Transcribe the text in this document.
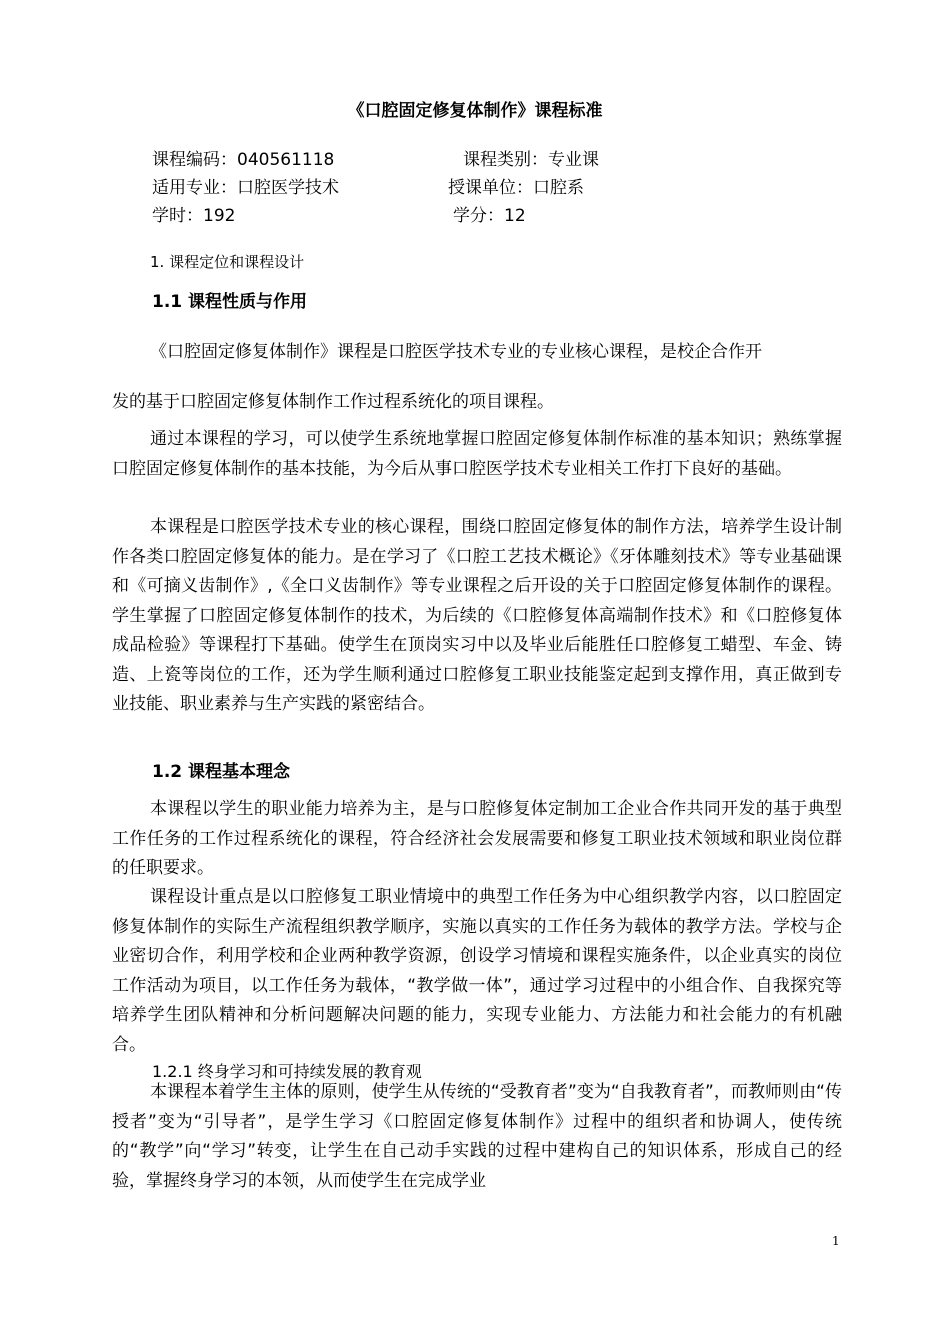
《口腔固定修复体制作》课程标准
课程编码：040561118	课程类别：专业课
适用专业：口腔医学技术	授课单位：口腔系
学时：192	学分：12
1. 课程定位和课程设计
1.1 课程性质与作用

《口腔固定修复体制作》课程是口腔医学技术专业的专业核心课程，是校企合作开

发的基于口腔固定修复体制作工作过程系统化的项目课程。

通过本课程的学习，可以使学生系统地掌握口腔固定修复体制作标准的基本知识；熟练掌握口腔固定修复体制作的基本技能，为今后从事口腔医学技术专业相关工作打下良好的基础。

本课程是口腔医学技术专业的核心课程，围绕口腔固定修复体的制作方法，培养学生设计制作各类口腔固定修复体的能力。是在学习了《口腔工艺技术概论》《牙体雕刻技术》等专业基础课和《可摘义齿制作》,《全口义齿制作》等专业课程之后开设的关于口腔固定修复体制作的课程。学生掌握了口腔固定修复体制作的技术，为后续的《口腔修复体高端制作技术》和《口腔修复体成品检验》等课程打下基础。使学生在顶岗实习中以及毕业后能胜任口腔修复工蜡型、车金、铸造、上瓷等岗位的工作，还为学生顺利通过口腔修复工职业技能鉴定起到支撑作用，真正做到专业技能、职业素养与生产实践的紧密结合。

1.2 课程基本理念

本课程以学生的职业能力培养为主，是与口腔修复体定制加工企业合作共同开发的基于典型工作任务的工作过程系统化的课程，符合经济社会发展需要和修复工职业技术领域和职业岗位群的任职要求。

课程设计重点是以口腔修复工职业情境中的典型工作任务为中心组织教学内容，以口腔固定修复体制作的实际生产流程组织教学顺序，实施以真实的工作任务为载体的教学方法。学校与企业密切合作，利用学校和企业两种教学资源，创设学习情境和课程实施条件，以企业真实的岗位工作活动为项目，以工作任务为载体，“教学做一体”，通过学习过程中的小组合作、自我探究等培养学生团队精神和分析问题解决问题的能力，实现专业能力、方法能力和社会能力的有机融合。

1.2.1 终身学习和可持续发展的教育观

本课程本着学生主体的原则，使学生从传统的“受教育者”变为“自我教育者”，而教师则由“传授者”变为“引导者”，是学生学习《口腔固定修复体制作》过程中的组织者和协调人，使传统的“教学”向“学习”转变，让学生在自己动手实践的过程中建构自己的知识体系，形成自己的经验，掌握终身学习的本领，从而使学生在完成学业

1
